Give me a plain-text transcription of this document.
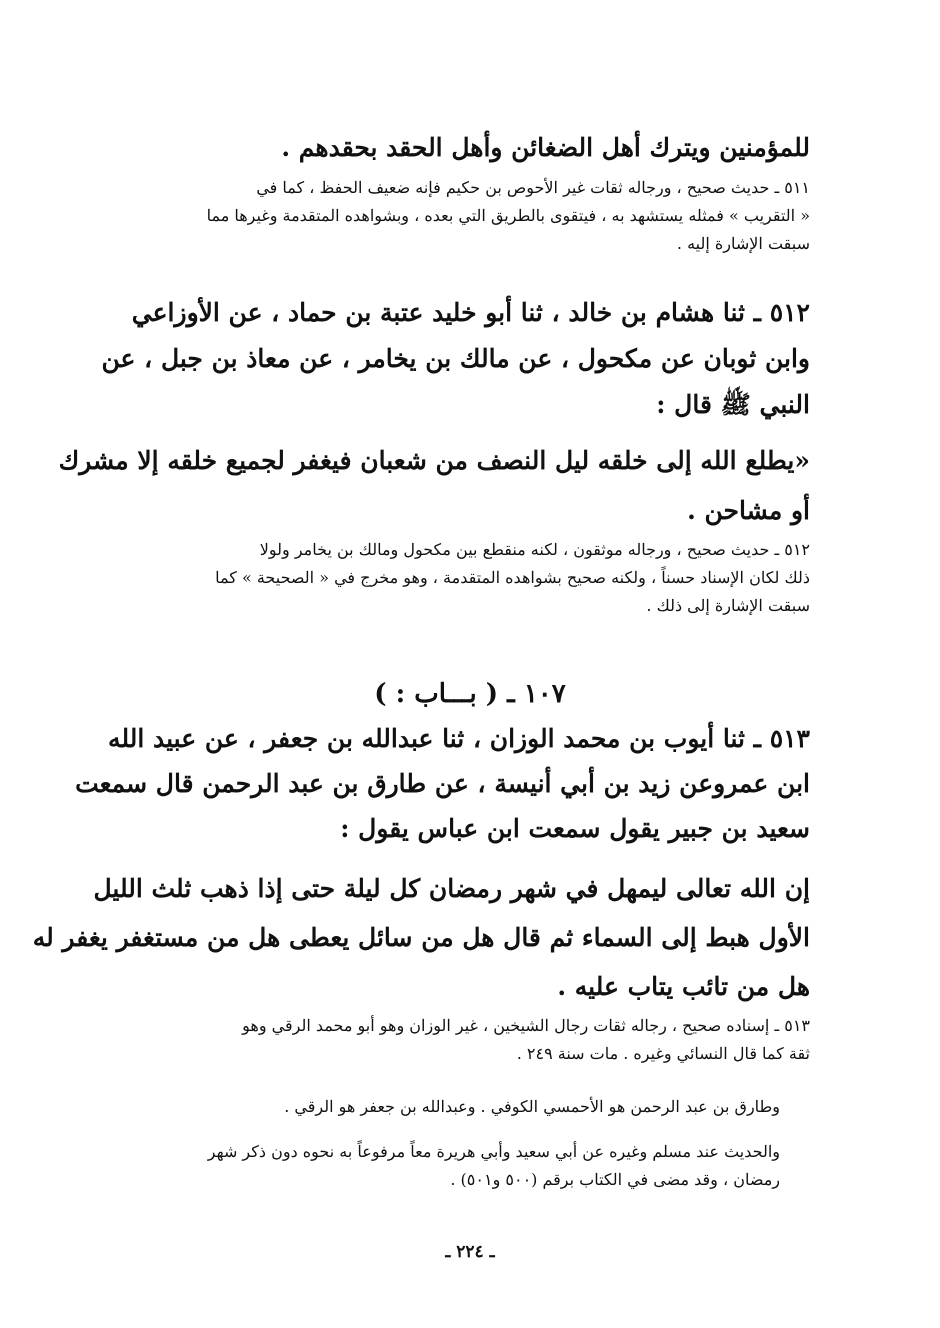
للمؤمنين ويترك أهل الضغائن وأهل الحقد بحقدهم .
٥١١ ـ حديث صحيح ، ورجاله ثقات غير الأحوص بن حكيم فإنه ضعيف الحفظ ، كما في
« التقريب » فمثله يستشهد به ، فيتقوى بالطريق التي بعده ، وبشواهده المتقدمة وغيرها مما
سبقت الإشارة إليه .
٥١٢ ـ ثنا هشام بن خالد ، ثنا أبو خليد عتبة بن حماد ، عن الأوزاعي
وابن ثوبان عن مكحول ، عن مالك بن يخامر ، عن معاذ بن جبل ، عن
النبي ﷺ قال :
«يطلع الله إلى خلقه ليل النصف من شعبان فيغفر لجميع خلقه إلا مشرك
أو مشاحن .
٥١٢ ـ حديث صحيح ، ورجاله موثقون ، لكنه منقطع بين مكحول ومالك بن يخامر ولولا
ذلك لكان الإسناد حسناً ، ولكنه صحيح بشواهده المتقدمة ، وهو مخرج في « الصحيحة » كما
سبقت الإشارة إلى ذلك .
١٠٧ ـ ( بـــاب : )
٥١٣ ـ ثنا أيوب بن محمد الوزان ، ثنا عبدالله بن جعفر ، عن عبيد الله
ابن عمروعن زيد بن أبي أنيسة ، عن طارق بن عبد الرحمن قال سمعت
سعيد بن جبير يقول سمعت ابن عباس يقول :
إن الله تعالى ليمهل في شهر رمضان كل ليلة حتى إذا ذهب ثلث الليل
الأول هبط إلى السماء ثم قال هل من سائل يعطى هل من مستغفر يغفر له
هل من تائب يتاب عليه .
٥١٣ ـ إسناده صحيح ، رجاله ثقات رجال الشيخين ، غير الوزان وهو أبو محمد الرقي وهو
ثقة كما قال النسائي وغيره . مات سنة ٢٤٩ .
وطارق بن عبد الرحمن هو الأحمسي الكوفي . وعبدالله بن جعفر هو الرقي .
والحديث عند مسلم وغيره عن أبي سعيد وأبي هريرة معاً مرفوعاً به نحوه دون ذكر شهر
رمضان ، وقد مضى في الكتاب برقم (٥٠٠ و٥٠١) .
ـ ٢٢٤ ـ
